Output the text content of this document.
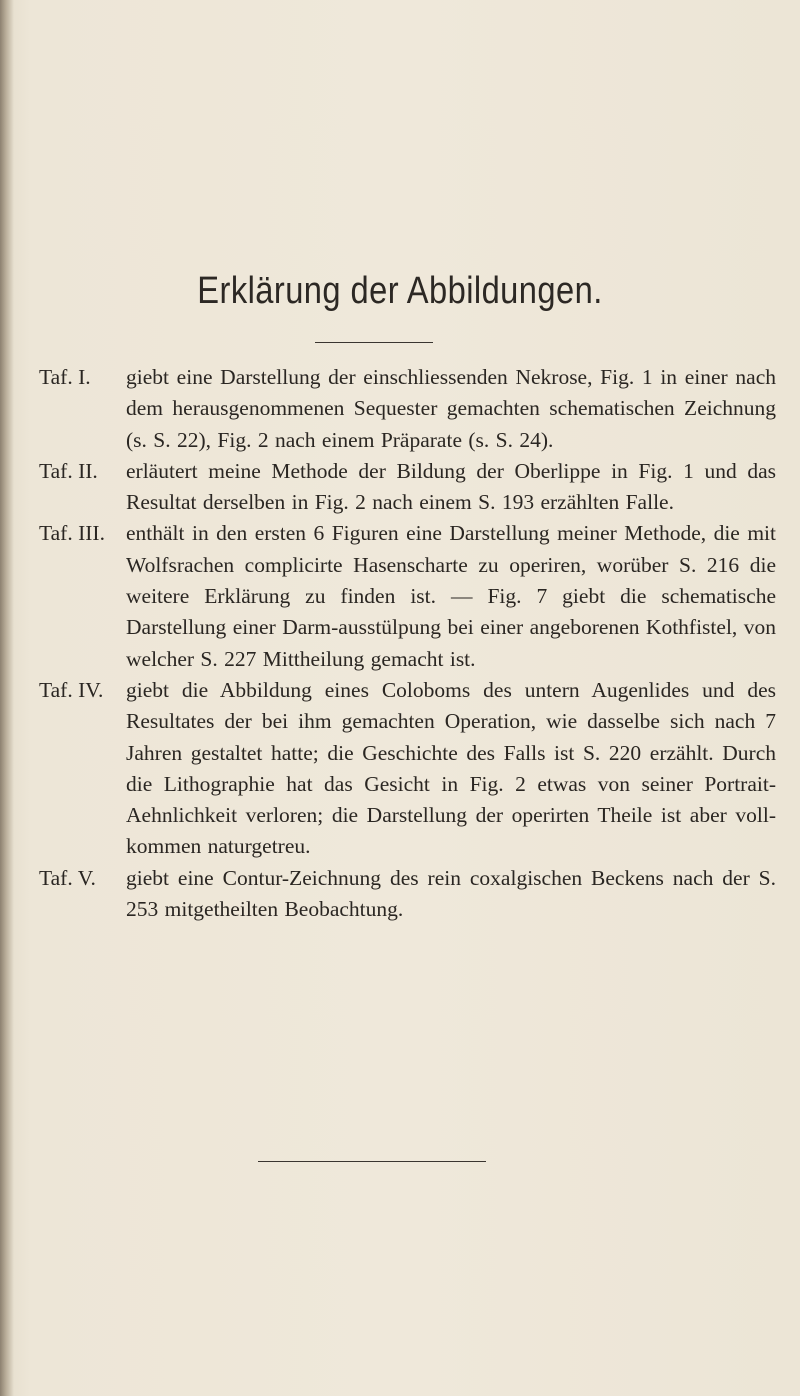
Erklärung der Abbildungen.
Taf. I.	giebt eine Darstellung der einschliessenden Nekrose, Fig. 1 in einer nach dem herausgenommenen Sequester gemachten schematischen Zeichnung (s. S. 22), Fig. 2 nach einem Präparate (s. S. 24).
Taf. II.	erläutert meine Methode der Bildung der Oberlippe in Fig. 1 und das Resultat derselben in Fig. 2 nach einem S. 193 erzählten Falle.
Taf. III. enthält in den ersten 6 Figuren eine Darstellung meiner Methode, die mit Wolfsrachen complicirte Hasenscharte zu operiren, worüber S. 216 die weitere Erklärung zu finden ist. — Fig. 7 giebt die schematische Darstellung einer Darm-ausstülpung bei einer angeborenen Kothfistel, von welcher S. 227 Mittheilung gemacht ist.
Taf. IV.	giebt die Abbildung eines Coloboms des untern Augenlides und des Resultates der bei ihm gemachten Operation, wie dasselbe sich nach 7 Jahren gestaltet hatte; die Geschichte des Falls ist S. 220 erzählt. Durch die Lithographie hat das Gesicht in Fig. 2 etwas von seiner Portrait-Aehnlichkeit verloren; die Darstellung der operirten Theile ist aber voll-kommen naturgetreu.
Taf. V.	giebt eine Contur-Zeichnung des rein coxalgischen Beckens nach der S. 253 mitgetheilten Beobachtung.
